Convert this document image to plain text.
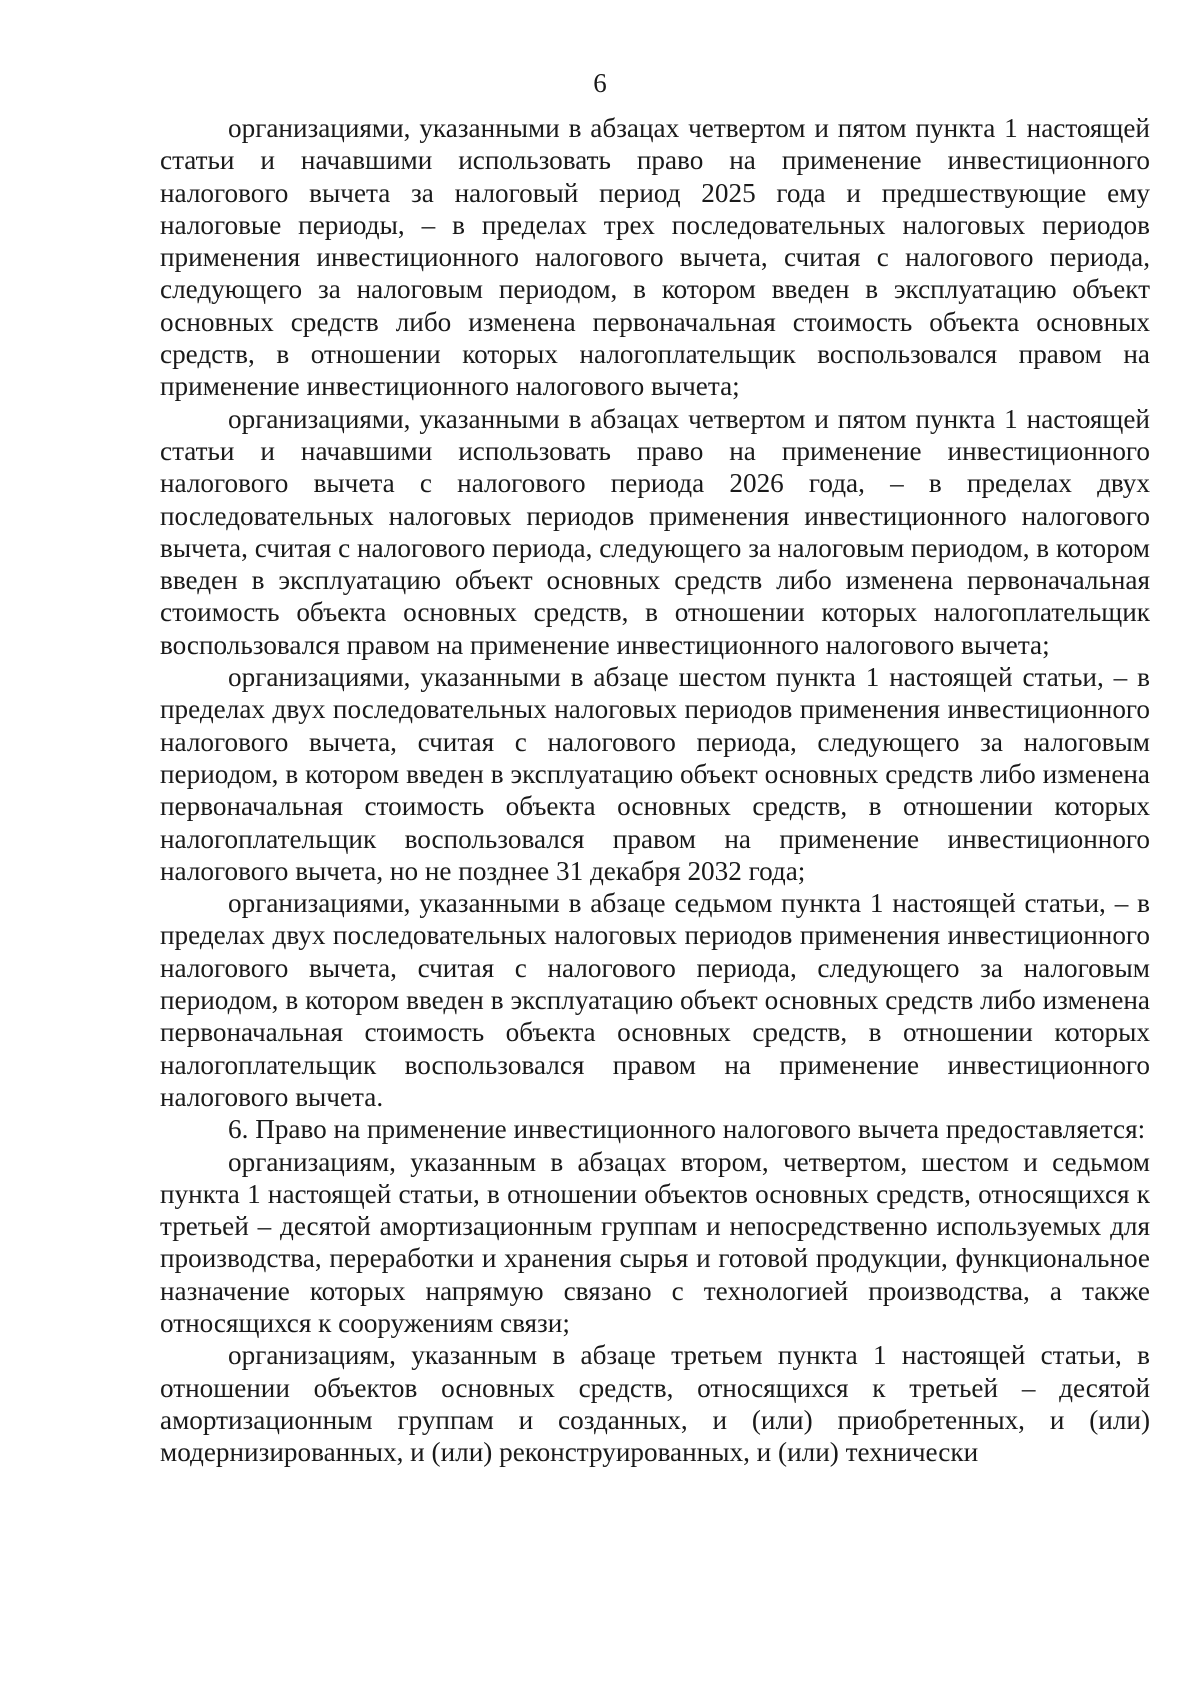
6

организациями, указанными в абзацах четвертом и пятом пункта 1 настоящей статьи и начавшими использовать право на применение инвестиционного налогового вычета за налоговый период 2025 года и предшествующие ему налоговые периоды, – в пределах трех последовательных налоговых периодов применения инвестиционного налогового вычета, считая с налогового периода, следующего за налоговым периодом, в котором введен в эксплуатацию объект основных средств либо изменена первоначальная стоимость объекта основных средств, в отношении которых налогоплательщик воспользовался правом на применение инвестиционного налогового вычета;

организациями, указанными в абзацах четвертом и пятом пункта 1 настоящей статьи и начавшими использовать право на применение инвестиционного налогового вычета с налогового периода 2026 года, – в пределах двух последовательных налоговых периодов применения инвестиционного налогового вычета, считая с налогового периода, следующего за налоговым периодом, в котором введен в эксплуатацию объект основных средств либо изменена первоначальная стоимость объекта основных средств, в отношении которых налогоплательщик воспользовался правом на применение инвестиционного налогового вычета;

организациями, указанными в абзаце шестом пункта 1 настоящей статьи, – в пределах двух последовательных налоговых периодов применения инвестиционного налогового вычета, считая с налогового периода, следующего за налоговым периодом, в котором введен в эксплуатацию объект основных средств либо изменена первоначальная стоимость объекта основных средств, в отношении которых налогоплательщик воспользовался правом на применение инвестиционного налогового вычета, но не позднее 31 декабря 2032 года;

организациями, указанными в абзаце седьмом пункта 1 настоящей статьи, – в пределах двух последовательных налоговых периодов применения инвестиционного налогового вычета, считая с налогового периода, следующего за налоговым периодом, в котором введен в эксплуатацию объект основных средств либо изменена первоначальная стоимость объекта основных средств, в отношении которых налогоплательщик воспользовался правом на применение инвестиционного налогового вычета.

6. Право на применение инвестиционного налогового вычета предоставляется:

организациям, указанным в абзацах втором, четвертом, шестом и седьмом пункта 1 настоящей статьи, в отношении объектов основных средств, относящихся к третьей – десятой амортизационным группам и непосредственно используемых для производства, переработки и хранения сырья и готовой продукции, функциональное назначение которых напрямую связано с технологией производства, а также относящихся к сооружениям связи;

организациям, указанным в абзаце третьем пункта 1 настоящей статьи, в отношении объектов основных средств, относящихся к третьей – десятой амортизационным группам и созданных, и (или) приобретенных, и (или) модернизированных, и (или) реконструированных, и (или) технически
